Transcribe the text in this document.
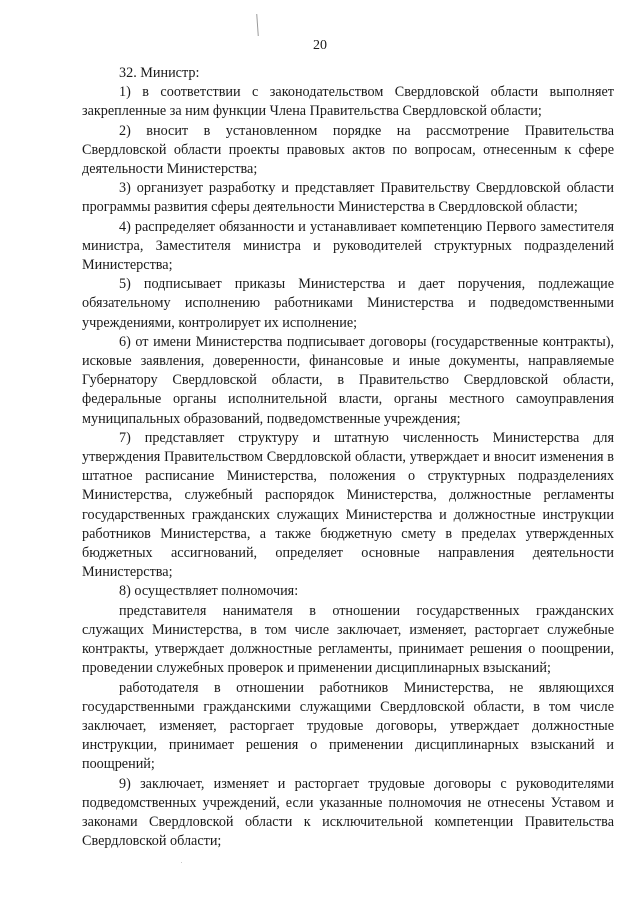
20

32. Министр:

1) в соответствии с законодательством Свердловской области выполняет закрепленные за ним функции Члена Правительства Свердловской области;

2) вносит в установленном порядке на рассмотрение Правительства Свердловской области проекты правовых актов по вопросам, отнесенным к сфере деятельности Министерства;

3) организует разработку и представляет Правительству Свердловской области программы развития сферы деятельности Министерства в Свердловской области;

4) распределяет обязанности и устанавливает компетенцию Первого заместителя министра, Заместителя министра и руководителей структурных подразделений Министерства;

5) подписывает приказы Министерства и дает поручения, подлежащие обязательному исполнению работниками Министерства и подведомственными учреждениями, контролирует их исполнение;

6) от имени Министерства подписывает договоры (государственные контракты), исковые заявления, доверенности, финансовые и иные документы, направляемые Губернатору Свердловской области, в Правительство Свердловской области, федеральные органы исполнительной власти, органы местного самоуправления муниципальных образований, подведомственные учреждения;

7) представляет структуру и штатную численность Министерства для утверждения Правительством Свердловской области, утверждает и вносит изменения в штатное расписание Министерства, положения о структурных подразделениях Министерства, служебный распорядок Министерства, должностные регламенты государственных гражданских служащих Министерства и должностные инструкции работников Министерства, а также бюджетную смету в пределах утвержденных бюджетных ассигнований, определяет основные направления деятельности Министерства;

8) осуществляет полномочия:

представителя нанимателя в отношении государственных гражданских служащих Министерства, в том числе заключает, изменяет, расторгает служебные контракты, утверждает должностные регламенты, принимает решения о поощрении, проведении служебных проверок и применении дисциплинарных взысканий;

работодателя в отношении работников Министерства, не являющихся государственными гражданскими служащими Свердловской области, в том числе заключает, изменяет, расторгает трудовые договоры, утверждает должностные инструкции, принимает решения о применении дисциплинарных взысканий и поощрений;

9) заключает, изменяет и расторгает трудовые договоры с руководителями подведомственных учреждений, если указанные полномочия не отнесены Уставом и законами Свердловской области к исключительной компетенции Правительства Свердловской области;
